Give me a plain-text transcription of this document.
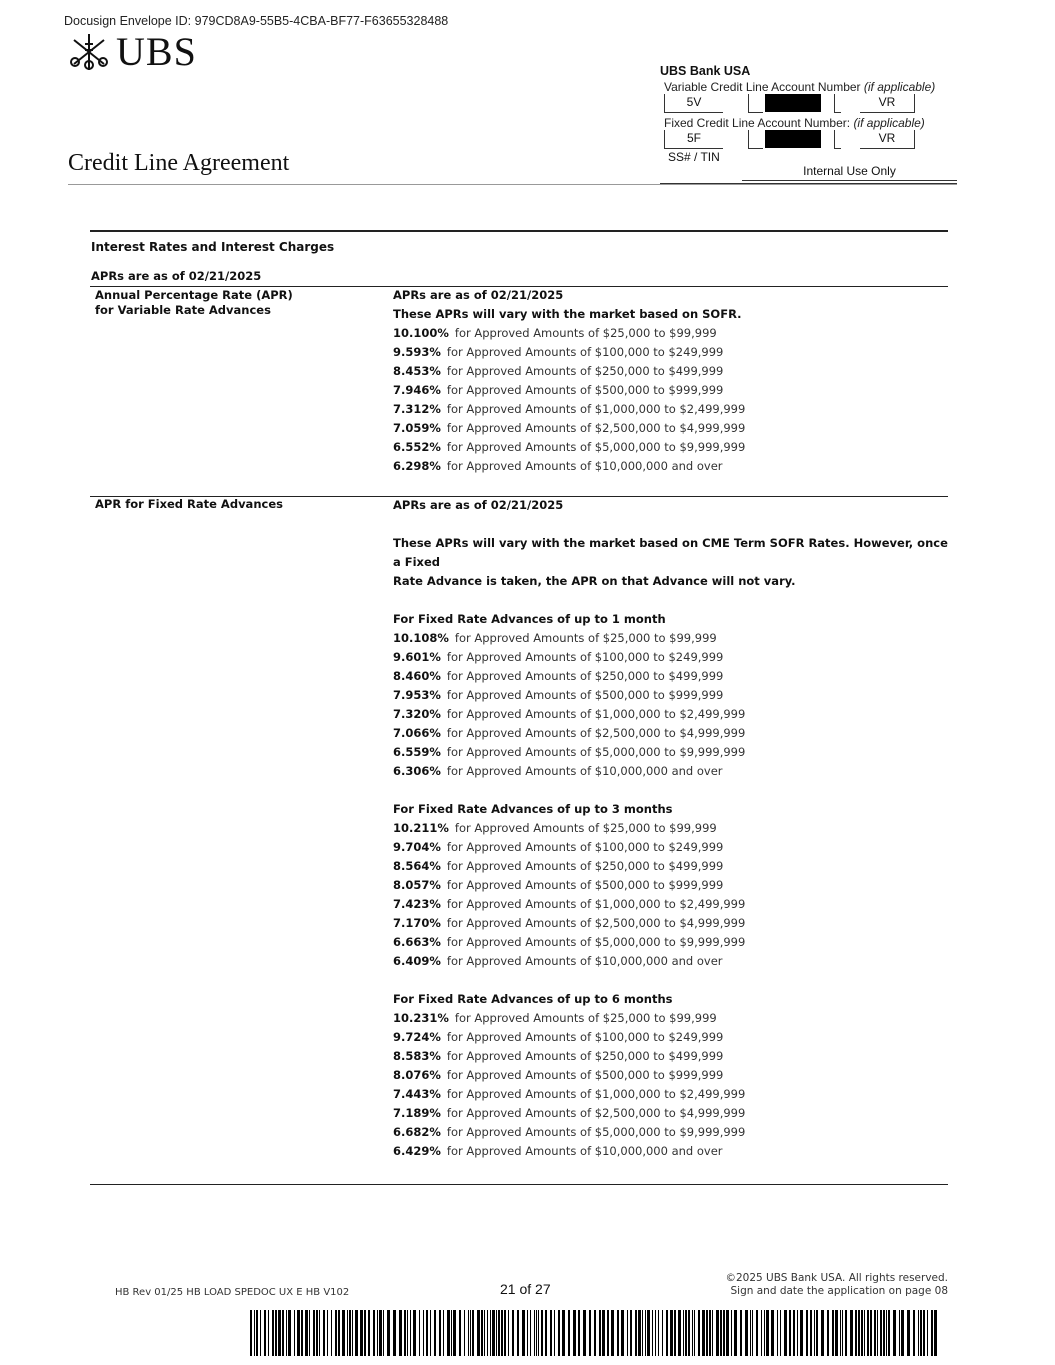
Docusign Envelope ID: 979CD8A9-55B5-4CBA-BF77-F63655328488
UBS
Credit Line Agreement
UBS Bank USA
Variable Credit Line Account Number (if applicable)
5V	VR
Fixed Credit Line Account Number: (if applicable)
5F	VR
SS# / TIN
Internal Use Only
Interest Rates and Interest Charges
APRs are as of 02/21/2025
Annual Percentage Rate (APR)
for Variable Rate Advances
APRs are as of 02/21/2025
These APRs will vary with the market based on SOFR.
10.100% for Approved Amounts of $25,000 to $99,999
9.593% for Approved Amounts of $100,000 to $249,999
8.453% for Approved Amounts of $250,000 to $499,999
7.946% for Approved Amounts of $500,000 to $999,999
7.312% for Approved Amounts of $1,000,000 to $2,499,999
7.059% for Approved Amounts of $2,500,000 to $4,999,999
6.552% for Approved Amounts of $5,000,000 to $9,999,999
6.298% for Approved Amounts of $10,000,000 and over
APR for Fixed Rate Advances	APRs are as of 02/21/2025
These APRs will vary with the market based on CME Term SOFR Rates. However, once a Fixed
Rate Advance is taken, the APR on that Advance will not vary.
For Fixed Rate Advances of up to 1 month
10.108% for Approved Amounts of $25,000 to $99,999
9.601% for Approved Amounts of $100,000 to $249,999
8.460% for Approved Amounts of $250,000 to $499,999
7.953% for Approved Amounts of $500,000 to $999,999
7.320% for Approved Amounts of $1,000,000 to $2,499,999
7.066% for Approved Amounts of $2,500,000 to $4,999,999
6.559% for Approved Amounts of $5,000,000 to $9,999,999
6.306% for Approved Amounts of $10,000,000 and over
For Fixed Rate Advances of up to 3 months
10.211% for Approved Amounts of $25,000 to $99,999
9.704% for Approved Amounts of $100,000 to $249,999
8.564% for Approved Amounts of $250,000 to $499,999
8.057% for Approved Amounts of $500,000 to $999,999
7.423% for Approved Amounts of $1,000,000 to $2,499,999
7.170% for Approved Amounts of $2,500,000 to $4,999,999
6.663% for Approved Amounts of $5,000,000 to $9,999,999
6.409% for Approved Amounts of $10,000,000 and over
For Fixed Rate Advances of up to 6 months
10.231% for Approved Amounts of $25,000 to $99,999
9.724% for Approved Amounts of $100,000 to $249,999
8.583% for Approved Amounts of $250,000 to $499,999
8.076% for Approved Amounts of $500,000 to $999,999
7.443% for Approved Amounts of $1,000,000 to $2,499,999
7.189% for Approved Amounts of $2,500,000 to $4,999,999
6.682% for Approved Amounts of $5,000,000 to $9,999,999
6.429% for Approved Amounts of $10,000,000 and over
HB Rev 01/25 HB LOAD SPEDOC UX E HB V102	21 of 27
©2025 UBS Bank USA. All rights reserved.
Sign and date the application on page 08
